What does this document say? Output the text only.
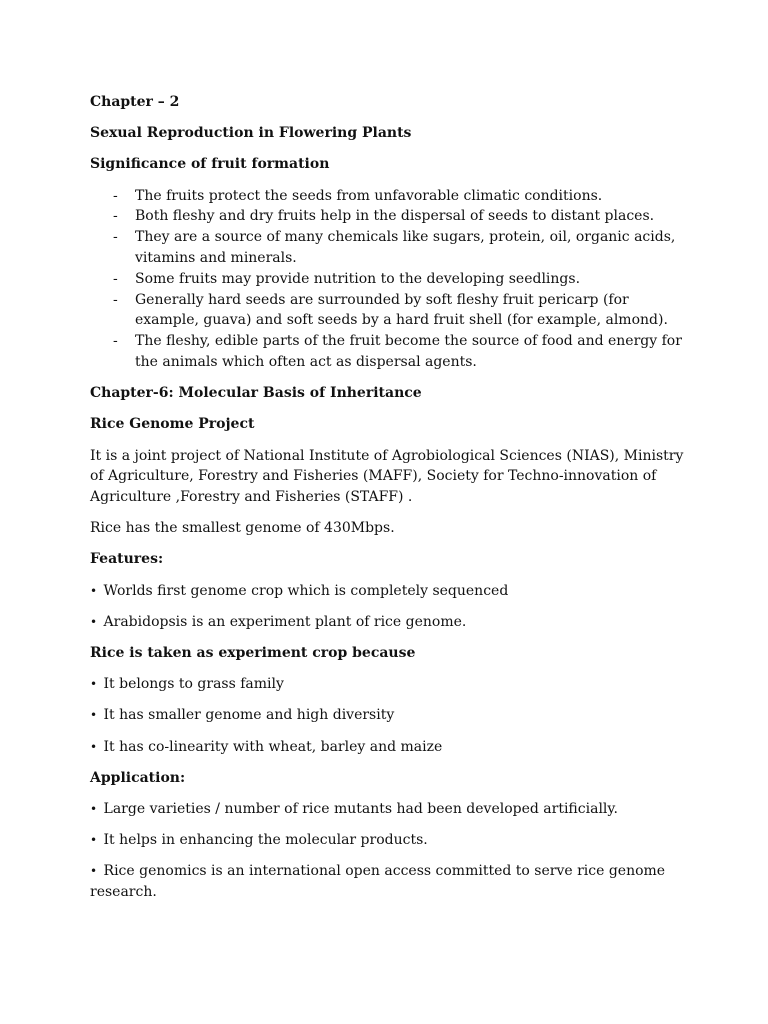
Chapter – 2
Sexual Reproduction in Flowering Plants
Significance of fruit formation
- The fruits protect the seeds from unfavorable climatic conditions.
- Both fleshy and dry fruits help in the dispersal of seeds to distant places.
- They are a source of many chemicals like sugars, protein, oil, organic acids, vitamins and minerals.
- Some fruits may provide nutrition to the developing seedlings.
- Generally hard seeds are surrounded by soft fleshy fruit pericarp (for example, guava) and soft seeds by a hard fruit shell (for example, almond).
- The fleshy, edible parts of the fruit become the source of food and energy for the animals which often act as dispersal agents.
Chapter-6: Molecular Basis of Inheritance
Rice Genome Project
It is a joint project of National Institute of Agrobiological Sciences (NIAS), Ministry of Agriculture, Forestry and Fisheries (MAFF), Society for Techno-innovation of Agriculture ,Forestry and Fisheries (STAFF) .
Rice has the smallest genome of 430Mbps.
Features:
• Worlds first genome crop which is completely sequenced
• Arabidopsis is an experiment plant of rice genome.
Rice is taken as experiment crop because
• It belongs to grass family
• It has smaller genome and high diversity
• It has co-linearity with wheat, barley and maize
Application:
• Large varieties / number of rice mutants had been developed artificially.
• It helps in enhancing the molecular products.
• Rice genomics is an international open access committed to serve rice genome research.
